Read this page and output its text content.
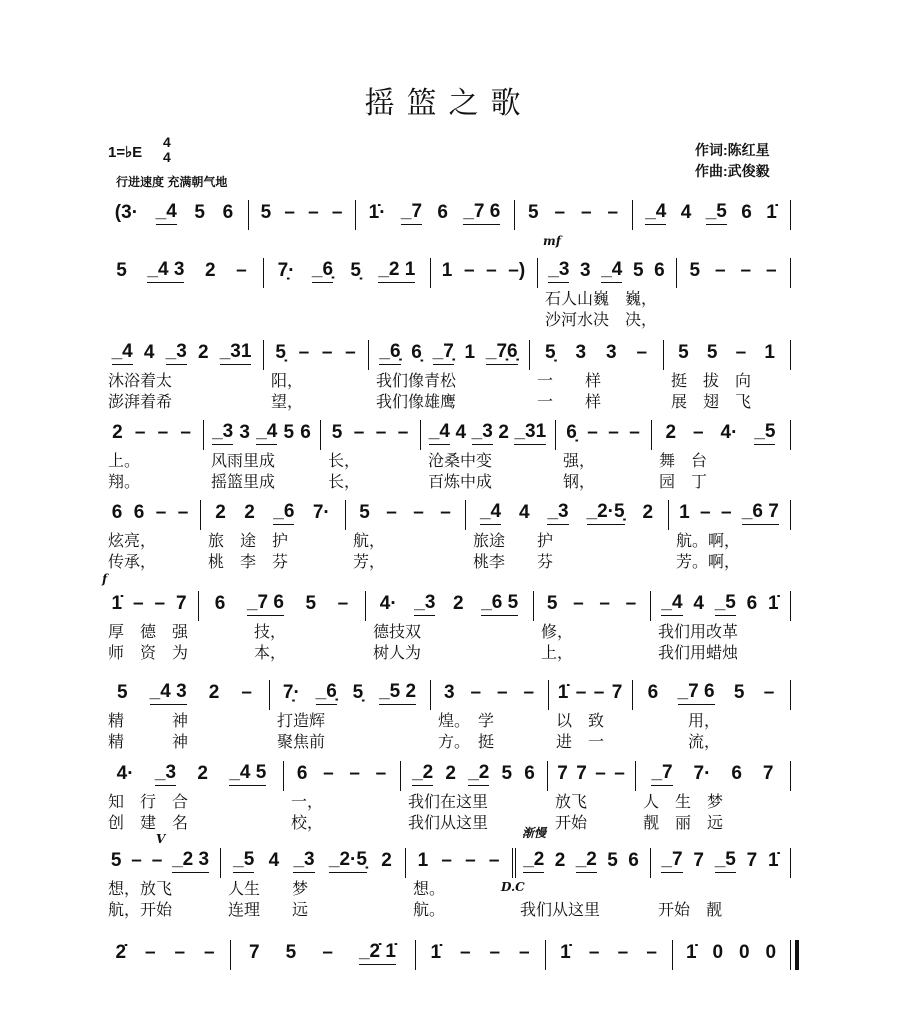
摇篮之歌
1=♭E
4
4
行进速度 充满朝气地
作词:陈红星
作曲:武俊毅
(3· _4 5 6 5 – – – 1̇· _7 6 _7 6 5 – – – _4 4 _5 6 1̇
5 _4 3 2 – 7̣· _6̣ 5̣ _2 1 1 – – –) _3 3 _4 5 6 5 – – –
mf
石人山巍　巍，
沙河水决　决，
_4 4 _3 2 _31 5̣ – – – _6̣ 6̣ _7̣ 1 _7̣6̣ 5̣ 3 3 – 5 5 – 1
沐浴着太	阳，	我们像青松	一　　样	挺　拔　向
澎湃着希	望，	我们像雄鹰	一　　样	展　翅　飞
2 – – – _3 3 _4 5 6 5 – – – _4 4 _3 2 _31 6̣ – – – 2 – 4· _5
上。	风雨里成	长，	沧桑中变	强，	舞　台
翔。	摇篮里成	长，	百炼中成	钢，	园　丁
6 6 – – 2 2 _6 7· 5 – – – _4 4 _3 _2·5̣ 2 1 – – _6 7
炫亮，	旅　途　护	航，	旅途　　护	航。啊，
传承，	桃　李　芬	芳，	桃李　　芬	芳。啊，
1̇ – – 7 6 _7 6 5 – 4· _3 2 _6 5 5 – – – _4 4 _5 6 1̇
f
厚　德　强	　　　技，	德技双	修，	我们用改革
师　资　为	　　　本，	树人为	上，	我们用蜡烛
5 _4 3 2 – 7̣· _6̣ 5̣ _5 2 3 – – – 1̇ – – 7 6 _7 6 5 –
精　　　神	打造辉	煌。　学	以　致	　　　用，
精　　　神	聚焦前	方。　挺	进　一	　　　流，
4· _3 2 _4 5 6 – – – _2 2 _2 5 6 7 7 – – _7 7· 6 7
知　行　合	一，	我们在这里	放飞	人　生　梦
创　建　名	校，	我们从这里	开始	靓　丽　远
5 – – _2 3 _5 4 _3 _2·5̣ 2 1 – – – _2 2 _2 5 6 _7 7 _5 7 1̇
V	渐慢
D.C
想，放飞	人生　　梦	想。
航，开始	连理　　远	航。	我们从这里	开始　靓
2̇ – – – 7 5 – _2̇ 1̇ 1̇ – – – 1̇ – – – 1̇ 0 0 0
